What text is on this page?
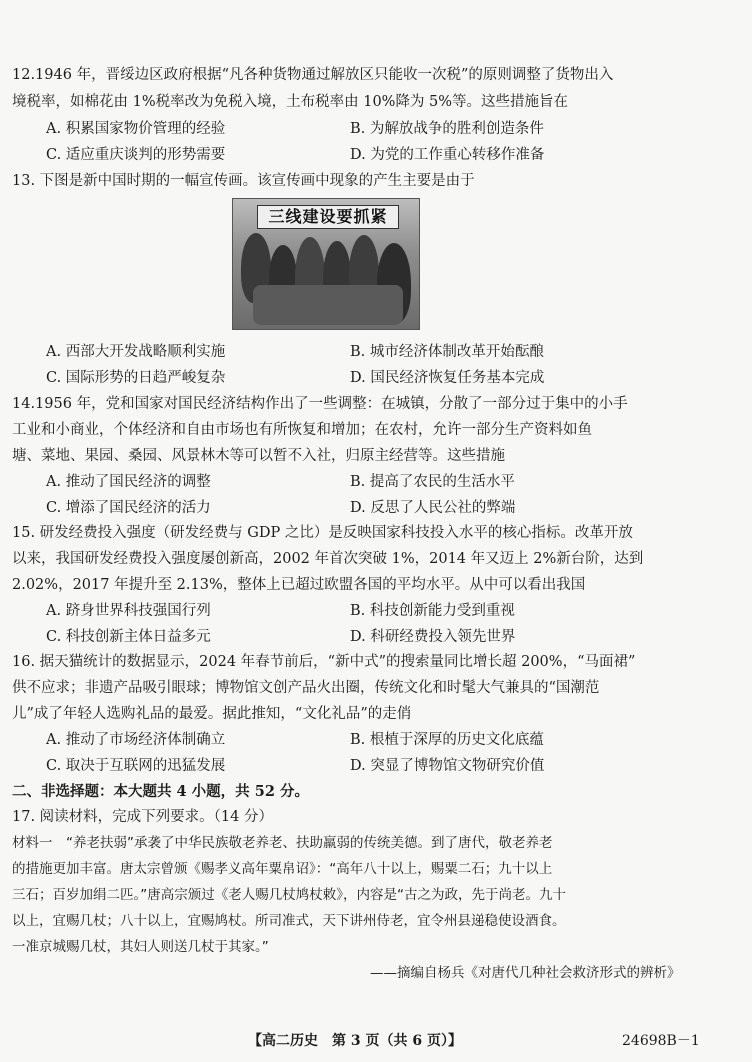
12.1946 年，晋绥边区政府根据“凡各种货物通过解放区只能收一次税”的原则调整了货物出入
境税率，如棉花由 1%税率改为免税入境，土布税率由 10%降为 5%等。这些措施旨在
A. 积累国家物价管理的经验	B. 为解放战争的胜利创造条件
C. 适应重庆谈判的形势需要	D. 为党的工作重心转移作准备
13. 下图是新中国时期的一幅宣传画。该宣传画中现象的产生主要是由于
三线建设要抓紧
A. 西部大开发战略顺利实施	B. 城市经济体制改革开始酝酿
C. 国际形势的日趋严峻复杂	D. 国民经济恢复任务基本完成
14.1956 年，党和国家对国民经济结构作出了一些调整：在城镇，分散了一部分过于集中的小手
工业和小商业，个体经济和自由市场也有所恢复和增加；在农村，允许一部分生产资料如鱼
塘、菜地、果园、桑园、风景林木等可以暂不入社，归原主经营等。这些措施
A. 推动了国民经济的调整	B. 提高了农民的生活水平
C. 增添了国民经济的活力	D. 反思了人民公社的弊端
15. 研发经费投入强度（研发经费与 GDP 之比）是反映国家科技投入水平的核心指标。改革开放
以来，我国研发经费投入强度屡创新高，2002 年首次突破 1%，2014 年又迈上 2%新台阶，达到
2.02%，2017 年提升至 2.13%，整体上已超过欧盟各国的平均水平。从中可以看出我国
A. 跻身世界科技强国行列	B. 科技创新能力受到重视
C. 科技创新主体日益多元	D. 科研经费投入领先世界
16. 据天猫统计的数据显示，2024 年春节前后，“新中式”的搜索量同比增长超 200%，“马面裙”
供不应求；非遗产品吸引眼球；博物馆文创产品火出圈，传统文化和时髦大气兼具的“国潮范
儿”成了年轻人选购礼品的最爱。据此推知，“文化礼品”的走俏
A. 推动了市场经济体制确立	B. 根植于深厚的历史文化底蕴
C. 取决于互联网的迅猛发展	D. 突显了博物馆文物研究价值
二、非选择题：本大题共 4 小题，共 52 分。
17. 阅读材料，完成下列要求。（14 分）
材料一　“养老扶弱”承袭了中华民族敬老养老、扶助羸弱的传统美德。到了唐代，敬老养老
的措施更加丰富。唐太宗曾颁《赐孝义高年粟帛诏》：“高年八十以上，赐粟二石；九十以上
三石；百岁加绢二匹。”唐高宗颁过《老人赐几杖鸠杖敕》，内容是“古之为政，先于尚老。九十
以上，宜赐几杖；八十以上，宜赐鸠杖。所司准式，天下讲州侍老，宜令州县递稳使设酒食。
一准京城赐几杖，其妇人则送几杖于其家。”
——摘编自杨兵《对唐代几种社会救济形式的辨析》
【高二历史　第 3 页（共 6 页）】	24698B－1
